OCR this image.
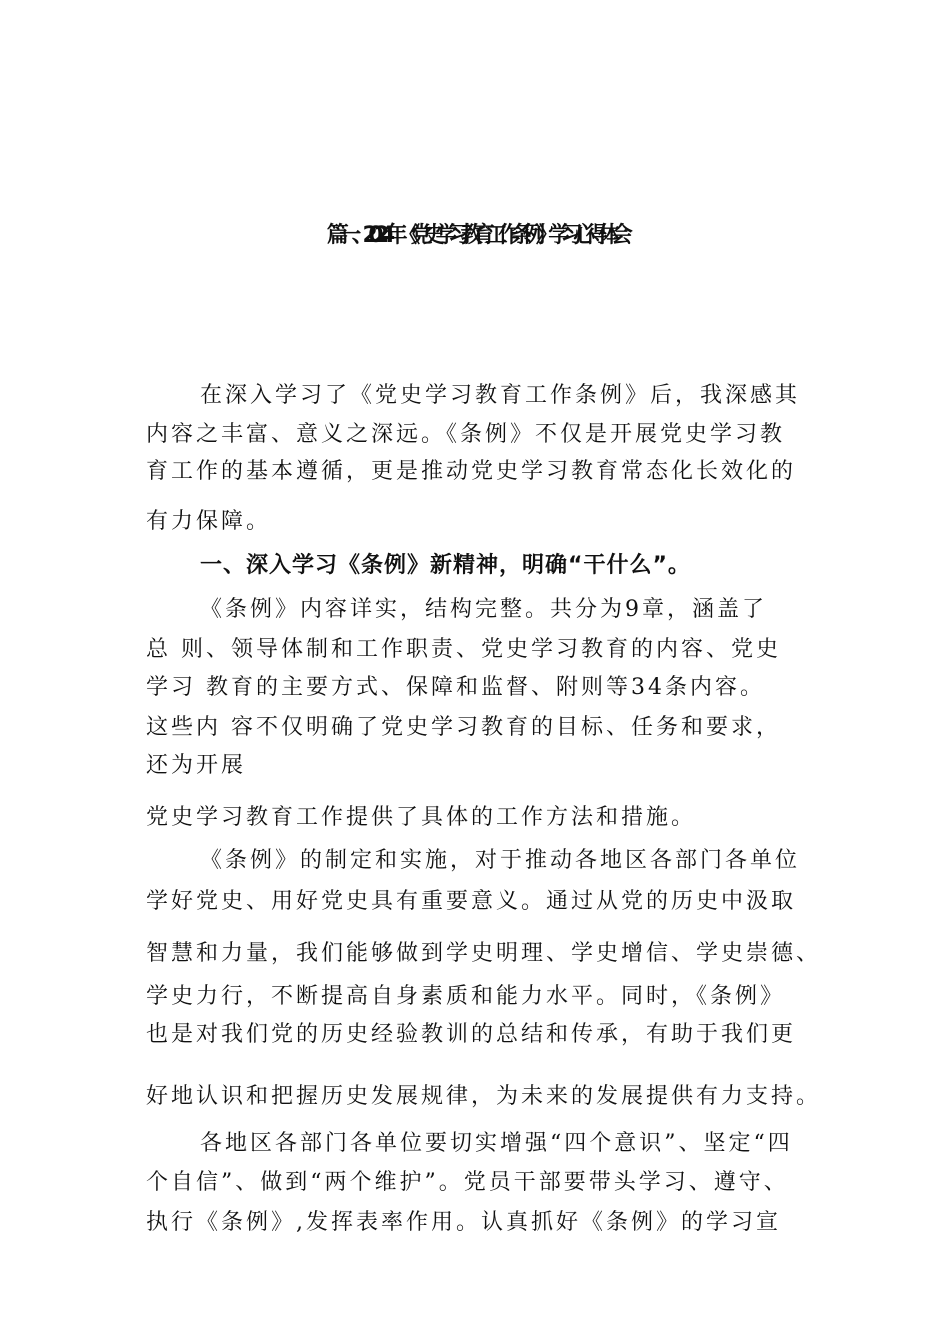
篇一、 2024年《党史学习教育工作条例》学习心得体会
在深入学习了《党史学习教育工作条例》后，我深感其
内容之丰富、意义之深远。《条例》不仅是开展党史学习教
育工作的基本遵循，更是推动党史学习教育常态化长效化的
有力保障。
一、深入学习《条例》新精神，明确“干什么”。
《条例》内容详实，结构完整。共分为9章，涵盖了
总 则、领导体制和工作职责、党史学习教育的内容、党史
学习 教育的主要方式、保障和监督、附则等34条内容。
这些内 容不仅明确了党史学习教育的目标、任务和要求，
还为开展
党史学习教育工作提供了具体的工作方法和措施。
《条例》的制定和实施，对于推动各地区各部门各单位
学好党史、用好党史具有重要意义。通过从党的历史中汲取
智慧和力量，我们能够做到学史明理、学史增信、学史崇德、
学史力行，不断提高自身素质和能力水平。同时，《条例》
也是对我们党的历史经验教训的总结和传承，有助于我们更
好地认识和把握历史发展规律，为未来的发展提供有力支持。
各地区各部门各单位要切实增强“四个意识”、坚定“四
个自信”、做到“两个维护”。党员干部要带头学习、遵守、
执行《条例》,发挥表率作用。认真抓好《条例》的学习宣
